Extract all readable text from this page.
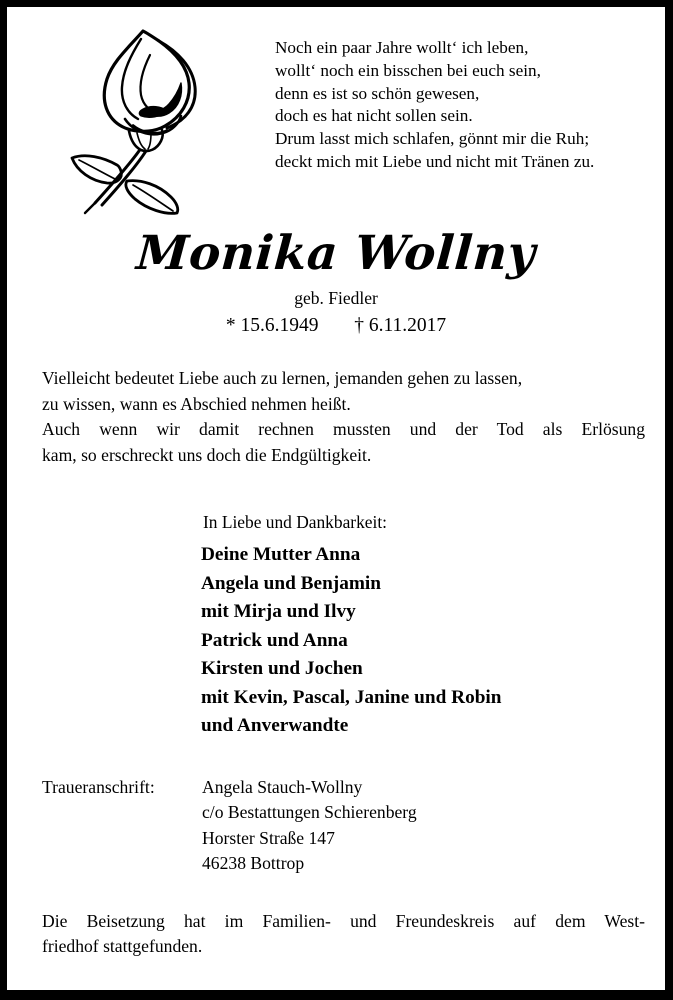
Noch ein paar Jahre wollt‘ ich leben,
wollt‘ noch ein bisschen bei euch sein,
denn es ist so schön gewesen,
doch es hat nicht sollen sein.
Drum lasst mich schlafen, gönnt mir die Ruh;
deckt mich mit Liebe und nicht mit Tränen zu.
Monika Wollny
geb. Fiedler
* 15.6.1949 † 6.11.2017

Vielleicht bedeutet Liebe auch zu lernen, jemanden gehen zu lassen,

zu wissen, wann es Abschied nehmen heißt.

Auch wenn wir damit rechnen mussten und der Tod als Erlösung

kam, so erschreckt uns doch die Endgültigkeit.

In Liebe und Dankbarkeit:
Deine Mutter Anna
Angela und Benjamin
mit Mirja und Ilvy
Patrick und Anna
Kirsten und Jochen
mit Kevin, Pascal, Janine und Robin
und Anverwandte
Traueranschrift:	Angela Stauch-Wollny
c/o Bestattungen Schierenberg
Horster Straße 147
46238 Bottrop

Die Beisetzung hat im Familien- und Freundeskreis auf dem West-

friedhof stattgefunden.
